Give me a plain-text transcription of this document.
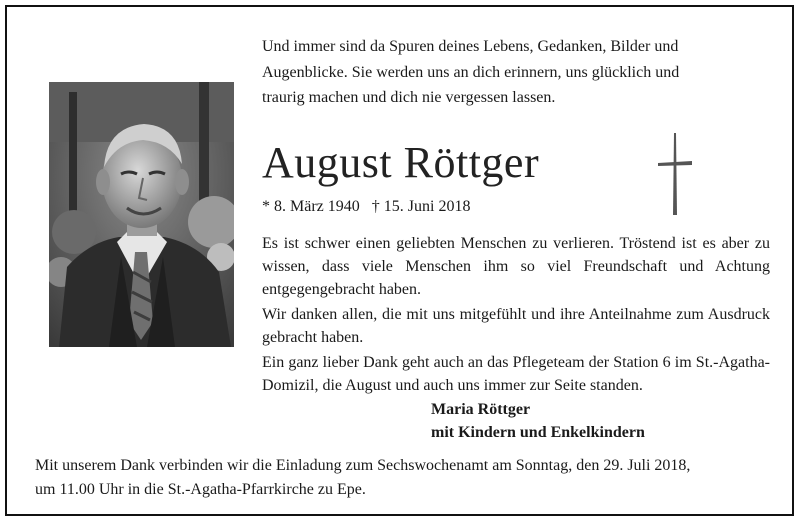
Und immer sind da Spuren deines Lebens, Gedanken, Bilder und

Augenblicke. Sie werden uns an dich erinnern, uns glücklich und

traurig machen und dich nie vergessen lassen.

August Röttger
* 8. März 1940 † 15. Juni 2018

Es ist schwer einen geliebten Menschen zu verlieren. Tröstend ist es aber zu wissen, dass viele Menschen ihm so viel Freundschaft und Achtung entgegengebracht haben.

Wir danken allen, die mit uns mitgefühlt und ihre Anteilnahme zum Ausdruck gebracht haben.

Ein ganz lieber Dank geht auch an das Pflegeteam der Station 6 im St.-Agatha-Domizil, die August und auch uns immer zur Seite standen.

Maria Röttger
mit Kindern und Enkelkindern

Mit unserem Dank verbinden wir die Einladung zum Sechswochenamt am Sonntag, den 29. Juli 2018,

um 11.00 Uhr in die St.-Agatha-Pfarrkirche zu Epe.
